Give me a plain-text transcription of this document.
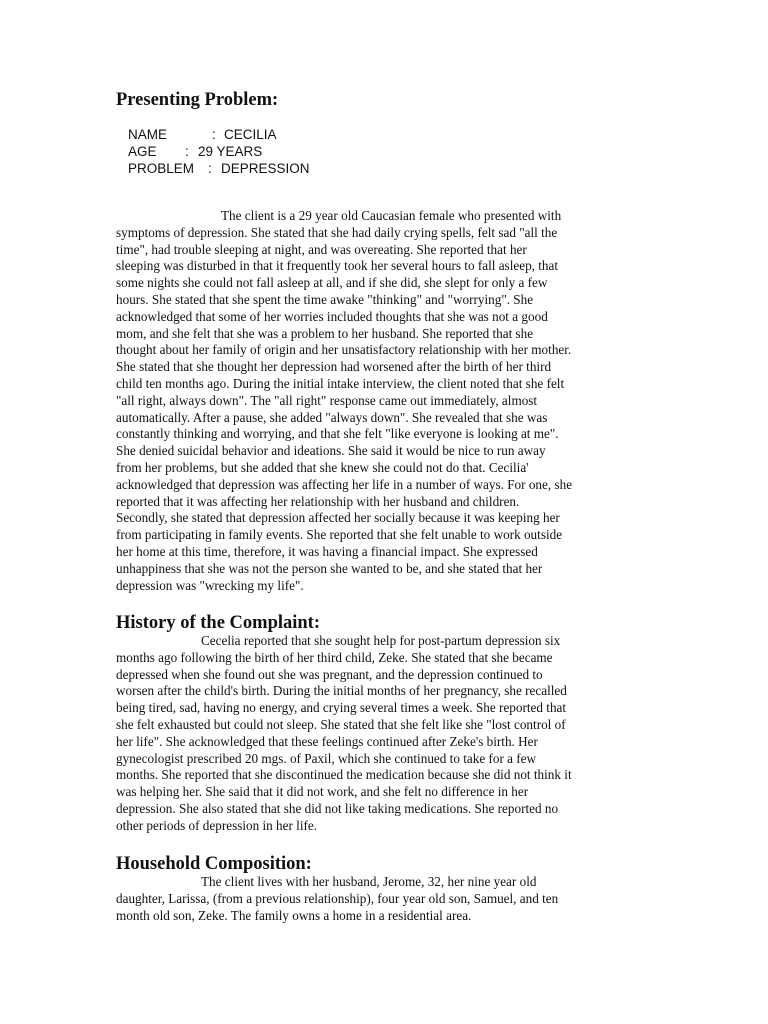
Presenting Problem:
NAME	: CECILIA
AGE : 29 YEARS
PROBLEM : DEPRESSION
The client is a 29 year old Caucasian female who presented with
symptoms of depression. She stated that she had daily crying spells, felt sad "all the
time", had trouble sleeping at night, and was overeating. She reported that her
sleeping was disturbed in that it frequently took her several hours to fall asleep, that
some nights she could not fall asleep at all, and if she did, she slept for only a few
hours. She stated that she spent the time awake "thinking" and "worrying". She
acknowledged that some of her worries included thoughts that she was not a good
mom, and she felt that she was a problem to her husband. She reported that she
thought about her family of origin and her unsatisfactory relationship with her mother.
She stated that she thought her depression had worsened after the birth of her third
child ten months ago. During the initial intake interview, the client noted that she felt
"all right, always down". The "all right" response came out immediately, almost
automatically. After a pause, she added "always down". She revealed that she was
constantly thinking and worrying, and that she felt "like everyone is looking at me".
She denied suicidal behavior and ideations. She said it would be nice to run away
from her problems, but she added that she knew she could not do that. Cecilia'
acknowledged that depression was affecting her life in a number of ways. For one, she
reported that it was affecting her relationship with her husband and children.
Secondly, she stated that depression affected her socially because it was keeping her
from participating in family events. She reported that she felt unable to work outside
her home at this time, therefore, it was having a financial impact. She expressed
unhappiness that she was not the person she wanted to be, and she stated that her
depression was "wrecking my life".
History of the Complaint:
Cecelia reported that she sought help for post-partum depression six
months ago following the birth of her third child, Zeke. She stated that she became
depressed when she found out she was pregnant, and the depression continued to
worsen after the child's birth. During the initial months of her pregnancy, she recalled
being tired, sad, having no energy, and crying several times a week. She reported that
she felt exhausted but could not sleep. She stated that she felt like she "lost control of
her life". She acknowledged that these feelings continued after Zeke's birth. Her
gynecologist prescribed 20 mgs. of Paxil, which she continued to take for a few
months. She reported that she discontinued the medication because she did not think it
was helping her. She said that it did not work, and she felt no difference in her
depression. She also stated that she did not like taking medications. She reported no
other periods of depression in her life.
Household Composition:
The client lives with her husband, Jerome, 32, her nine year old
daughter, Larissa, (from a previous relationship), four year old son, Samuel, and ten
month old son, Zeke. The family owns a home in a residential area.
